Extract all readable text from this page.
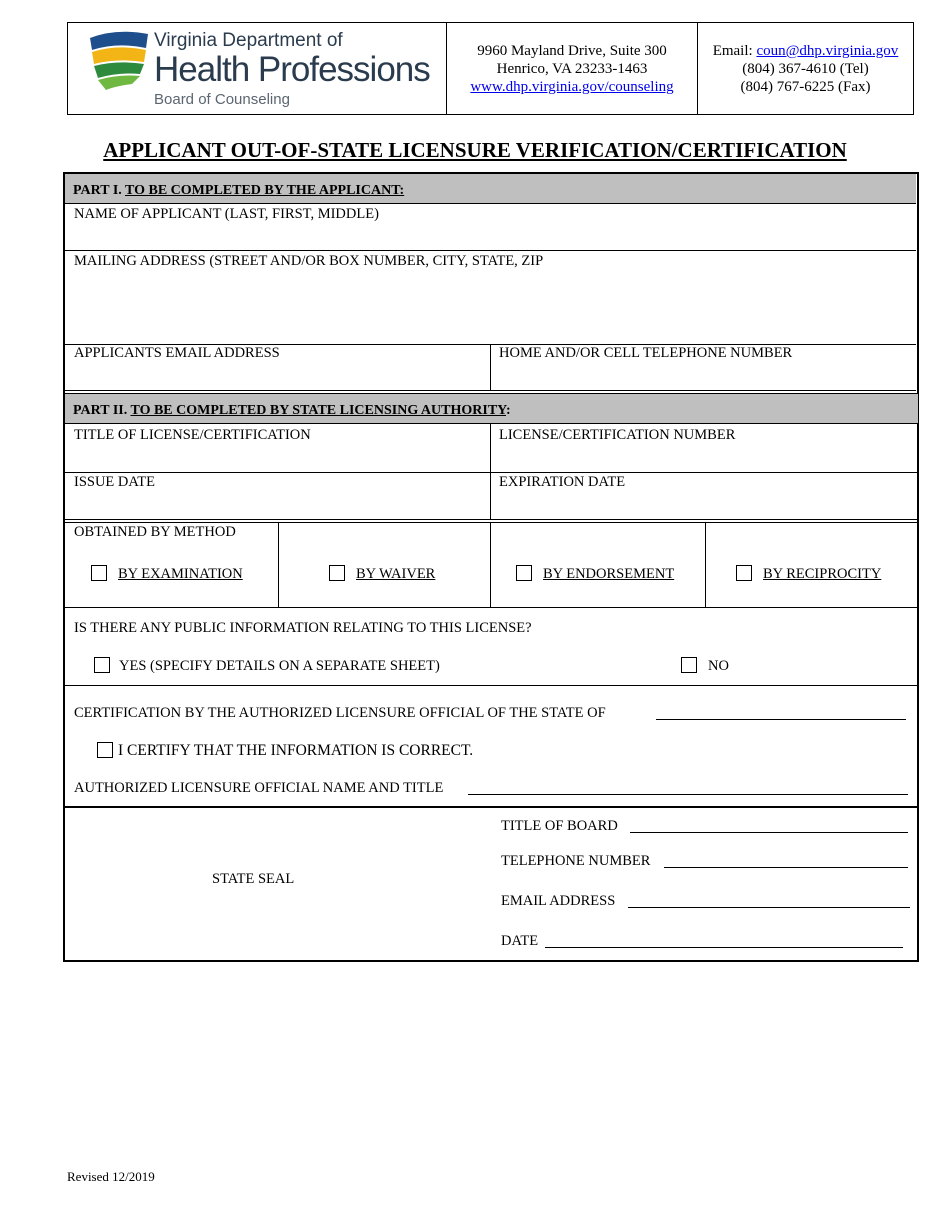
Virginia Department of
Health Professions
Board of Counseling
9960 Mayland Drive, Suite 300
Henrico, VA 23233-1463
www.dhp.virginia.gov/counseling
Email: coun@dhp.virginia.gov
(804) 367-4610 (Tel)
(804) 767-6225 (Fax)
APPLICANT OUT-OF-STATE LICENSURE VERIFICATION/CERTIFICATION
PART I. TO BE COMPLETED BY THE APPLICANT:
NAME OF APPLICANT (LAST, FIRST, MIDDLE)
MAILING ADDRESS (STREET AND/OR BOX NUMBER, CITY, STATE, ZIP
APPLICANTS EMAIL ADDRESS	HOME AND/OR CELL TELEPHONE NUMBER
PART II. TO BE COMPLETED BY STATE LICENSING AUTHORITY:
TITLE OF LICENSE/CERTIFICATION	LICENSE/CERTIFICATION NUMBER
ISSUE DATE	EXPIRATION DATE
OBTAINED BY METHOD
BY EXAMINATION	BY WAIVER	BY ENDORSEMENT	BY RECIPROCITY
IS THERE ANY PUBLIC INFORMATION RELATING TO THIS LICENSE?
YES (SPECIFY DETAILS ON A SEPARATE SHEET)	NO
CERTIFICATION BY THE AUTHORIZED LICENSURE OFFICIAL OF THE STATE OF
I CERTIFY THAT THE INFORMATION IS CORRECT.
AUTHORIZED LICENSURE OFFICIAL NAME AND TITLE
STATE SEAL
TITLE OF BOARD
TELEPHONE NUMBER
EMAIL ADDRESS
DATE
Revised 12/2019
